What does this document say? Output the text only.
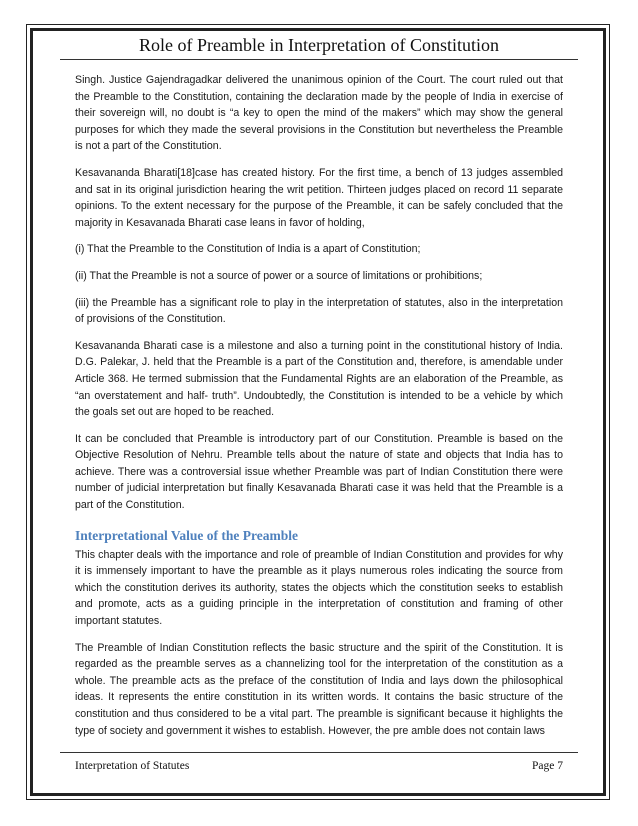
Role of Preamble in Interpretation of Constitution

Singh. Justice Gajendragadkar delivered the unanimous opinion of the Court. The court ruled out that the Preamble to the Constitution, containing the declaration made by the people of India in exercise of their sovereign will, no doubt is “a key to open the mind of the makers” which may show the general purposes for which they made the several provisions in the Constitution but nevertheless the Preamble is not a part of the Constitution.

Kesavananda Bharati[18]case has created history. For the first time, a bench of 13 judges assembled and sat in its original jurisdiction hearing the writ petition. Thirteen judges placed on record 11 separate opinions. To the extent necessary for the purpose of the Preamble, it can be safely concluded that the majority in Kesavanada Bharati case leans in favor of holding,

(i) That the Preamble to the Constitution of India is a apart of Constitution;

(ii) That the Preamble is not a source of power or a source of limitations or prohibitions;

(iii) the Preamble has a significant role to play in the interpretation of statutes, also in the interpretation of provisions of the Constitution.

Kesavananda Bharati case is a milestone and also a turning point in the constitutional history of India. D.G. Palekar, J. held that the Preamble is a part of the Constitution and, therefore, is amendable under Article 368. He termed submission that the Fundamental Rights are an elaboration of the Preamble, as “an overstatement and half- truth”. Undoubtedly, the Constitution is intended to be a vehicle by which the goals set out are hoped to be reached.

It can be concluded that Preamble is introductory part of our Constitution. Preamble is based on the Objective Resolution of Nehru. Preamble tells about the nature of state and objects that India has to achieve. There was a controversial issue whether Preamble was part of Indian Constitution there were number of judicial interpretation but finally Kesavanada Bharati case it was held that the Preamble is a part of the Constitution.

Interpretational Value of the Preamble

This chapter deals with the importance and role of preamble of Indian Constitution and provides for why it is immensely important to have the preamble as it plays numerous roles indicating the source from which the constitution derives its authority, states the objects which the constitution seeks to establish and promote, acts as a guiding principle in the interpretation of constitution and framing of other important statutes.

The Preamble of Indian Constitution reflects the basic structure and the spirit of the Constitution. It is regarded as the preamble serves as a channelizing tool for the interpretation of the constitution as a whole. The preamble acts as the preface of the constitution of India and lays down the philosophical ideas. It represents the entire constitution in its written words. It contains the basic structure of the constitution and thus considered to be a vital part. The preamble is significant because it highlights the type of society and government it wishes to establish. However, the pre amble does not contain laws

Interpretation of Statutes	Page 7
